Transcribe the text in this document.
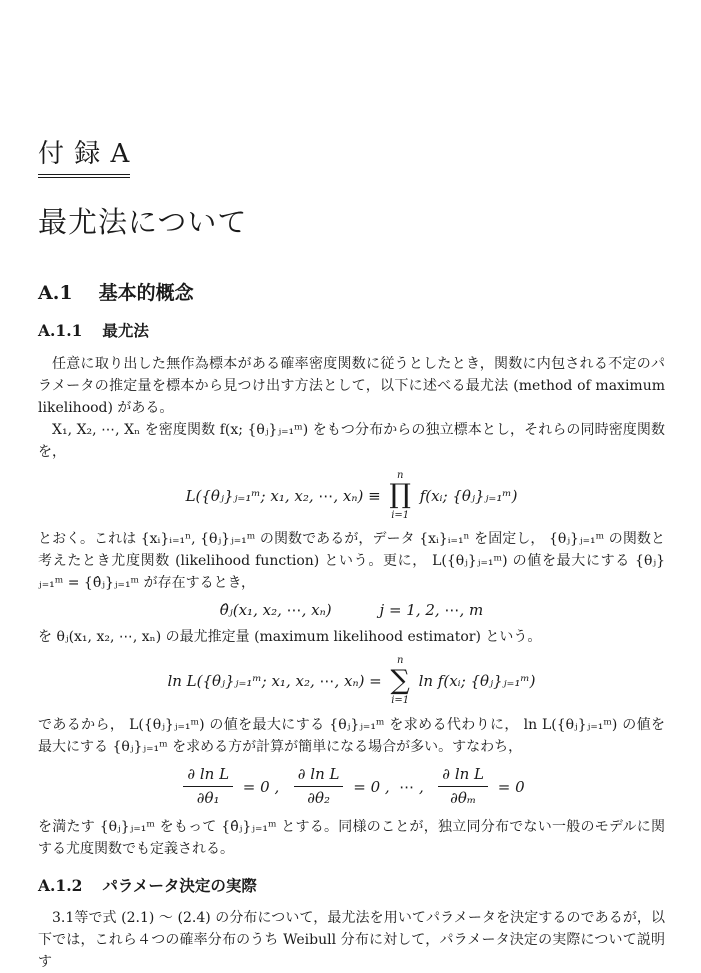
付 録 A
最尤法について
A.1 基本的概念
A.1.1 最尤法

任意に取り出した無作為標本がある確率密度関数に従うとしたとき，関数に内包される不定のパラメータの推定量を標本から見つけ出す方法として，以下に述べる最尤法 (method of maximum likelihood) がある。

X₁, X₂, ⋯, Xₙ を密度関数 f(x; {θⱼ}ⱼ₌₁ᵐ) をもつ分布からの独立標本とし，それらの同時密度関数を，

L({θⱼ}ⱼ₌₁ᵐ; x₁, x₂, ⋯, xₙ) ≡
n
∏
i=1
f(xᵢ; {θⱼ}ⱼ₌₁ᵐ)

とおく。これは {xᵢ}ᵢ₌₁ⁿ, {θⱼ}ⱼ₌₁ᵐ の関数であるが，データ {xᵢ}ᵢ₌₁ⁿ を固定し， {θⱼ}ⱼ₌₁ᵐ の関数と考えたとき尤度関数 (likelihood function) という。更に， L({θⱼ}ⱼ₌₁ᵐ) の値を最大にする {θⱼ}ⱼ₌₁ᵐ = {θ̂ⱼ}ⱼ₌₁ᵐ が存在するとき，

θ̂ⱼ(x₁, x₂, ⋯, xₙ)	j = 1, 2, ⋯, m

を θⱼ(x₁, x₂, ⋯, xₙ) の最尤推定量 (maximum likelihood estimator) という。

ln L({θⱼ}ⱼ₌₁ᵐ; x₁, x₂, ⋯, xₙ) =
n
∑
i=1
ln f(xᵢ; {θⱼ}ⱼ₌₁ᵐ)

であるから， L({θⱼ}ⱼ₌₁ᵐ) の値を最大にする {θⱼ}ⱼ₌₁ᵐ を求める代わりに， ln L({θⱼ}ⱼ₌₁ᵐ) の値を最大にする {θⱼ}ⱼ₌₁ᵐ を求める方が計算が簡単になる場合が多い。すなわち，

$\frac{\text{∂ ln L}}{\text{∂θ₁}} = 0$ , $\frac{\text{∂ ln L}}{\text{∂θ₂}} = 0$ , ⋯ , $\frac{\text{∂ ln L}}{\text{∂θₘ}} = 0$

を満たす {θⱼ}ⱼ₌₁ᵐ をもって {θ̂ⱼ}ⱼ₌₁ᵐ とする。同様のことが，独立同分布でない一般のモデルに関する尤度関数でも定義される。

A.1.2 パラメータ決定の実際

3.1等で式 (2.1) ～ (2.4) の分布について，最尤法を用いてパラメータを決定するのであるが，以下では，これら４つの確率分布のうち Weibull 分布に対して，パラメータ決定の実際について説明す
